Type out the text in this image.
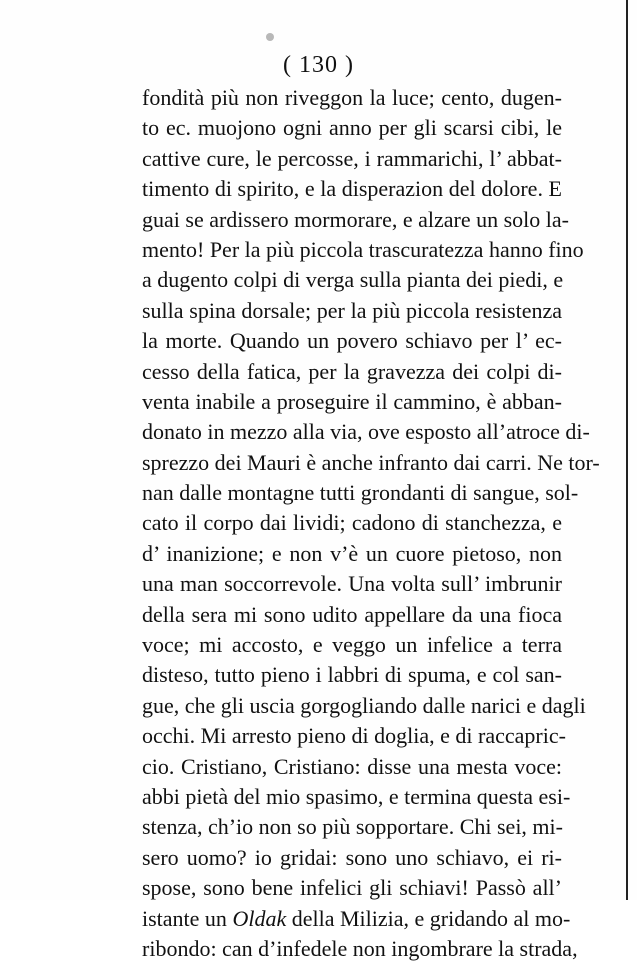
( 130 )
fondità più non riveggon la luce; cento, dugen-
to ec. muojono ogni anno per gli scarsi cibi, le
cattive cure, le percosse, i rammarichi, l’ abbat-
timento di spirito, e la disperazion del dolore. E
guai se ardissero mormorare, e alzare un solo la-
mento! Per la più piccola trascuratezza hanno fino
a dugento colpi di verga sulla pianta dei piedi, e
sulla spina dorsale; per la più piccola resistenza
la morte. Quando un povero schiavo per l’ ec-
cesso della fatica, per la gravezza dei colpi di-
venta inabile a proseguire il cammino, è abban-
donato in mezzo alla via, ove esposto all’atroce di-
sprezzo dei Mauri è anche infranto dai carri. Ne tor-
nan dalle montagne tutti grondanti di sangue, sol-
cato il corpo dai lividi; cadono di stanchezza, e
d’ inanizione; e non v’è un cuore pietoso, non
una man soccorrevole. Una volta sull’ imbrunir
della sera mi sono udito appellare da una fioca
voce; mi accosto, e veggo un infelice a terra
disteso, tutto pieno i labbri di spuma, e col san-
gue, che gli uscia gorgogliando dalle narici e dagli
occhi. Mi arresto pieno di doglia, e di raccapric-
cio. Cristiano, Cristiano: disse una mesta voce:
abbi pietà del mio spasimo, e termina questa esi-
stenza, ch’io non so più sopportare. Chi sei, mi-
sero uomo? io gridai: sono uno schiavo, ei ri-
spose, sono bene infelici gli schiavi! Passò all’
istante un Oldak della Milizia, e gridando al mo-
ribondo: can d’infedele non ingombrare la strada,
